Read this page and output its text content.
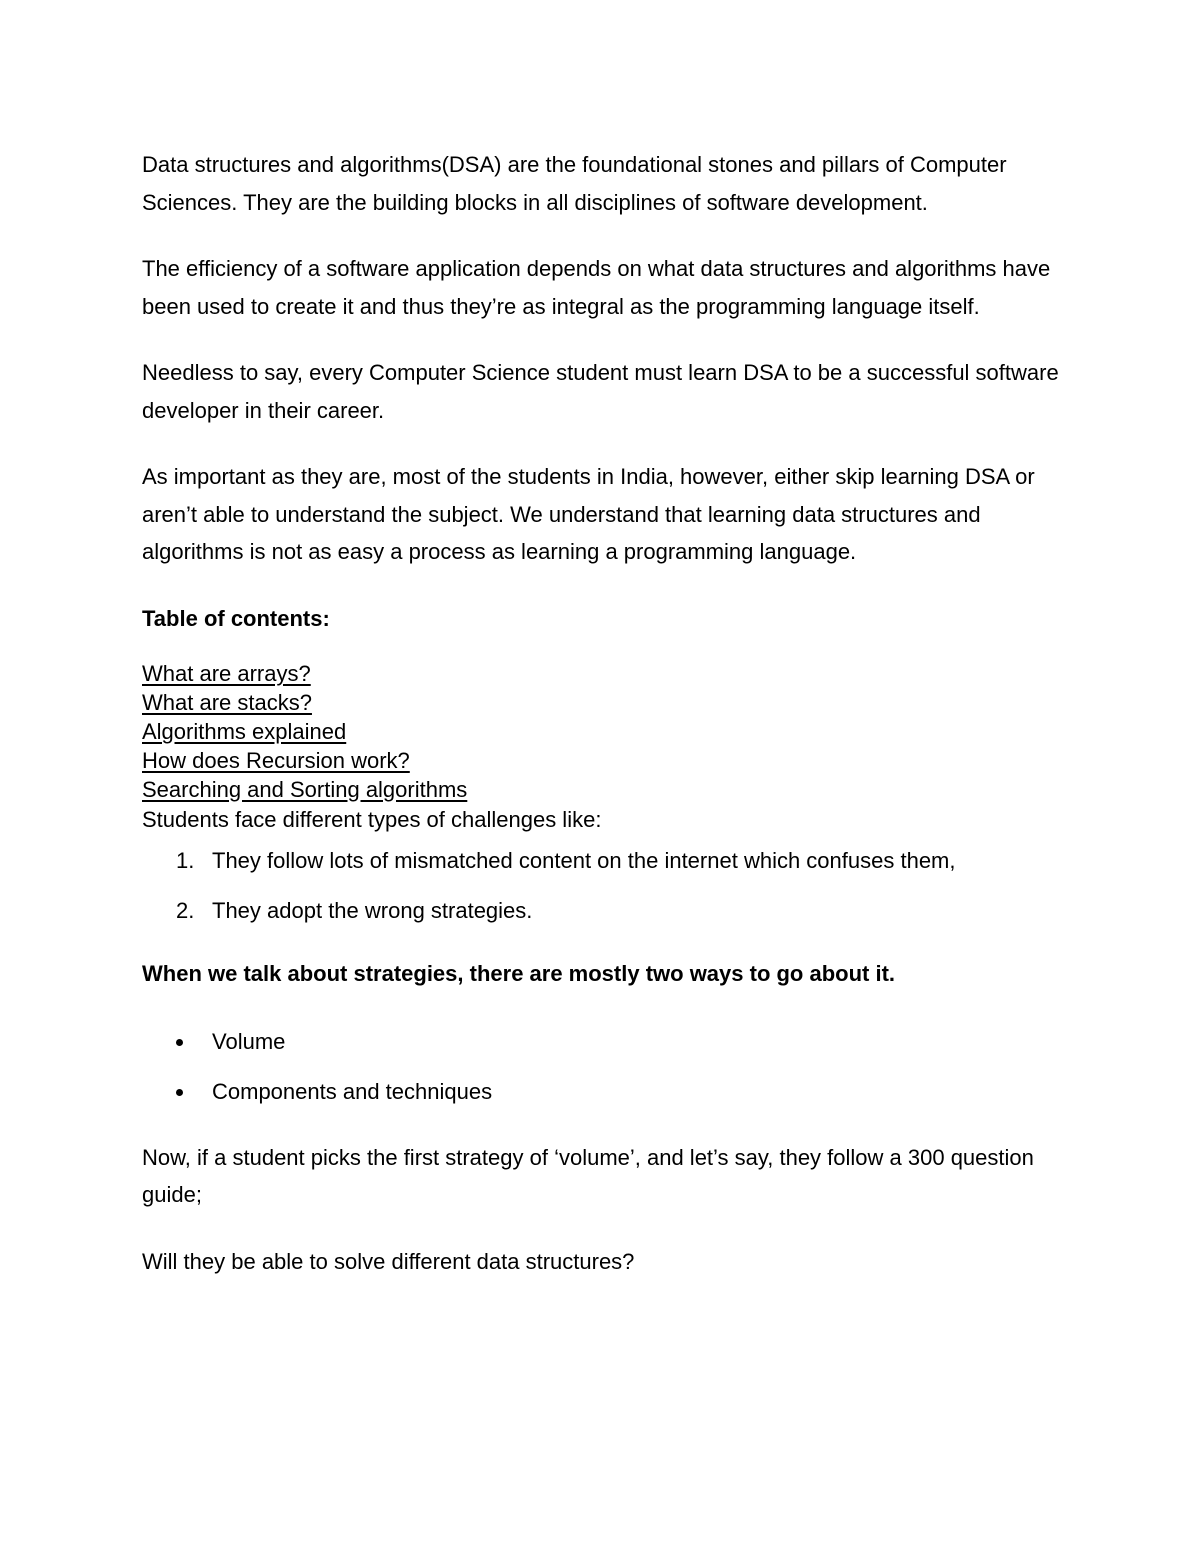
Data structures and algorithms(DSA) are the foundational stones and pillars of Computer Sciences. They are the building blocks in all disciplines of software development.

The efficiency of a software application depends on what data structures and algorithms have been used to create it and thus they’re as integral as the programming language itself.

Needless to say, every Computer Science student must learn DSA to be a successful software developer in their career.

As important as they are, most of the students in India, however, either skip learning DSA or aren’t able to understand the subject. We understand that learning data structures and algorithms is not as easy a process as learning a programming language.

Table of contents:

What are arrays?
What are stacks?
Algorithms explained
How does Recursion work?
Searching and Sorting algorithms
Students face different types of challenges like:
1. They follow lots of mismatched content on the internet which confuses them,
2. They adopt the wrong strategies.

When we talk about strategies, there are mostly two ways to go about it.

Volume
Components and techniques

Now, if a student picks the first strategy of ‘volume’, and let’s say, they follow a 300 question guide;

Will they be able to solve different data structures?
